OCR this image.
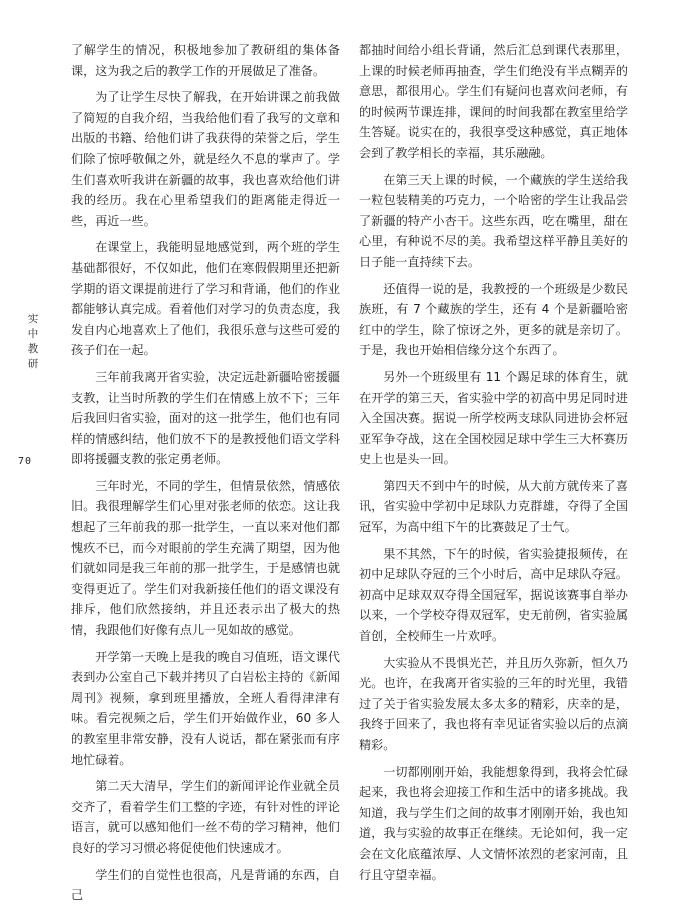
实
中
教
研
70

了解学生的情况，积极地参加了教研组的集体备课，这为我之后的教学工作的开展做足了准备。

为了让学生尽快了解我，在开始讲课之前我做了简短的自我介绍，当我给他们看了我写的文章和出版的书籍、给他们讲了我获得的荣誉之后，学生们除了惊呼敬佩之外，就是经久不息的掌声了。学生们喜欢听我讲在新疆的故事，我也喜欢给他们讲我的经历。我在心里希望我们的距离能走得近一些，再近一些。

在课堂上，我能明显地感觉到，两个班的学生基础都很好，不仅如此，他们在寒假假期里还把新学期的语文课提前进行了学习和背诵，他们的作业都能够认真完成。看着他们对学习的负责态度，我发自内心地喜欢上了他们，我很乐意与这些可爱的孩子们在一起。

三年前我离开省实验，决定远赴新疆哈密援疆支教，让当时所教的学生们在情感上放不下；三年后我回归省实验，面对的这一批学生，他们也有同样的情感纠结，他们放不下的是教授他们语文学科即将援疆支教的张定勇老师。

三年时光，不同的学生，但情景依然，情感依旧。我很理解学生们心里对张老师的依恋。这让我想起了三年前我的那一批学生，一直以来对他们都愧疚不已，而今对眼前的学生充满了期望，因为他们就如同是我三年前的那一批学生，于是感情也就变得更近了。学生们对我新接任他们的语文课没有排斥，他们欣然接纳，并且还表示出了极大的热情，我跟他们好像有点儿一见如故的感觉。

开学第一天晚上是我的晚自习值班，语文课代表到办公室自己下载并拷贝了白岩松主持的《新闻周刊》视频，拿到班里播放，全班人看得津津有味。看完视频之后，学生们开始做作业，60 多人的教室里非常安静，没有人说话，都在紧张而有序地忙碌着。

第二天大清早，学生们的新闻评论作业就全员交齐了，看着学生们工整的字迹，有针对性的评论语言，就可以感知他们一丝不苟的学习精神，他们良好的学习习惯必将促使他们快速成才。

学生们的自觉性也很高，凡是背诵的东西，自己

都抽时间给小组长背诵，然后汇总到课代表那里，上课的时候老师再抽查，学生们绝没有半点糊弄的意思，都很用心。学生们有疑问也喜欢问老师，有的时候两节课连排，课间的时间我都在教室里给学生答疑。说实在的，我很享受这种感觉，真正地体会到了教学相长的幸福，其乐融融。

在第三天上课的时候，一个藏族的学生送给我一粒包装精美的巧克力，一个哈密的学生让我品尝了新疆的特产小杏干。这些东西，吃在嘴里，甜在心里，有种说不尽的美。我希望这样平静且美好的日子能一直持续下去。

还值得一说的是，我教授的一个班级是少数民族班，有 7 个藏族的学生，还有 4 个是新疆哈密红中的学生，除了惊讶之外，更多的就是亲切了。于是，我也开始相信缘分这个东西了。

另外一个班级里有 11 个踢足球的体育生，就在开学的第三天，省实验中学的初高中男足同时进入全国决赛。据说一所学校两支球队同进协会杯冠亚军争夺战，这在全国校园足球中学生三大杯赛历史上也是头一回。

第四天不到中午的时候，从大前方就传来了喜讯，省实验中学初中足球队力克群雄，夺得了全国冠军，为高中组下午的比赛鼓足了士气。

果不其然，下午的时候，省实验捷报频传，在初中足球队夺冠的三个小时后，高中足球队夺冠。初高中足球双双夺得全国冠军，据说该赛事自举办以来，一个学校夺得双冠军，史无前例，省实验属首创，全校师生一片欢呼。

大实验从不畏惧光芒，并且历久弥新，恒久乃光。也许，在我离开省实验的三年的时光里，我错过了关于省实验发展太多太多的精彩，庆幸的是，我终于回来了，我也将有幸见证省实验以后的点滴精彩。

一切都刚刚开始，我能想象得到，我将会忙碌起来，我也将会迎接工作和生活中的诸多挑战。我知道，我与学生们之间的故事才刚刚开始，我也知道，我与实验的故事正在继续。无论如何，我一定会在文化底蕴浓厚、人文情怀浓烈的老家河南，且行且守望幸福。
